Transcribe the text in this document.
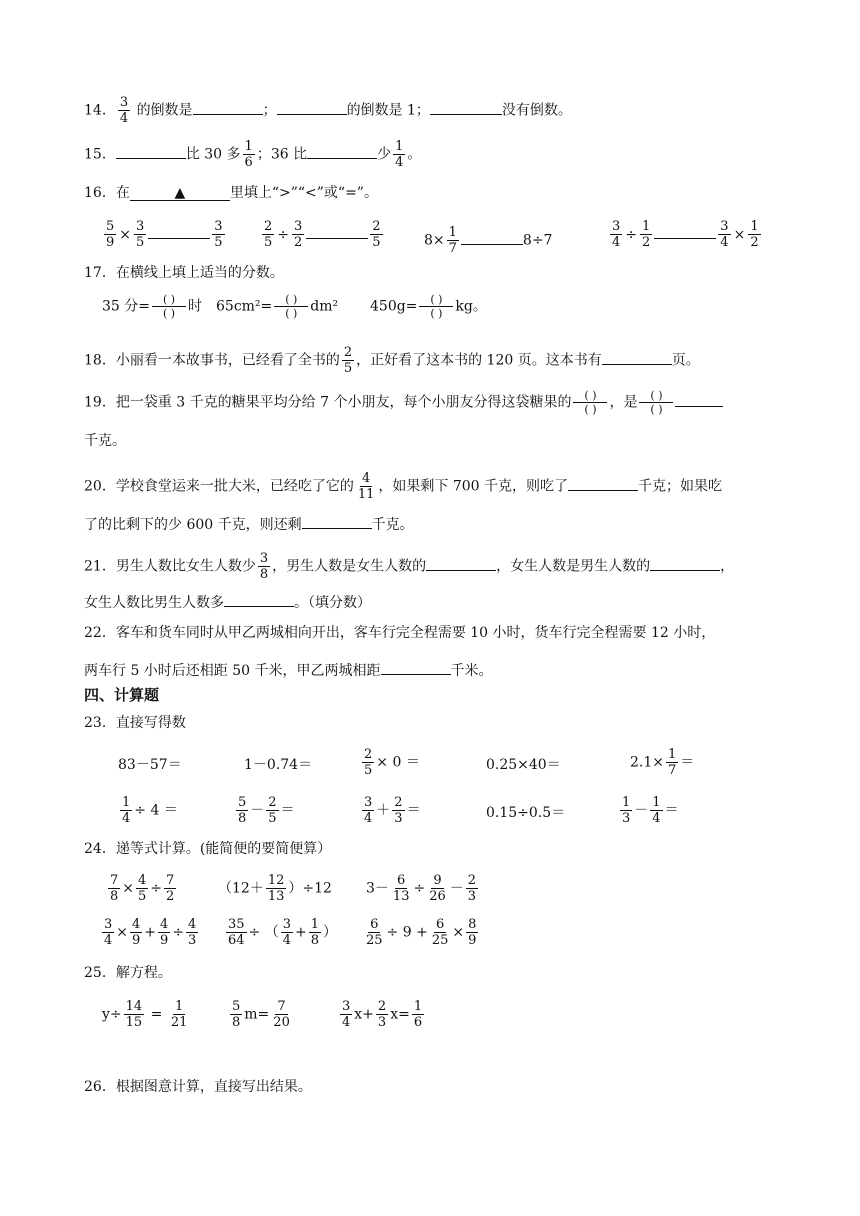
14． $\frac{3}{4}$ 的倒数是	；	的倒数是 1；	没有倒数。
15．	比 30 多 $\frac{1}{6}$ ；36 比	少 $\frac{1}{4}$ 。
16．在	▲	里填上“>”“<”或“=”。
$\frac{5}{9} \times \frac{3}{5}$	$\frac{3}{5}$	$\frac{2}{5} \div \frac{3}{2}$	$\frac{2}{5}$	$8\times \frac{1}{7}$	8÷7	$\frac{3}{4} \div \frac{1}{2}$	$\frac{3}{4} \times \frac{1}{2}$
17．在横线上填上适当的分数。
35 分= $\frac{( )}{( )}$ 时 $65cm^2= \frac{( )}{( )} dm^2$ $450g= \frac{( )}{( )}$ kg。
18．小丽看一本故事书，已经看了全书的 $\frac{2}{5}$ ，正好看了这本书的 120 页。这本书有	页。
19．把一袋重 3 千克的糖果平均分给 7 个小朋友，每个小朋友分得这袋糖果的 $\frac{( )}{( )}$ ，是 $\frac{( )}{( )}$
千克。
20．学校食堂运来一批大米，已经吃了它的 $\frac{4}{11}$ ，如果剩下 700 千克，则吃了	千克；如果吃
了的比剩下的少 600 千克，则还剩	千克。
21．男生人数比女生人数少 $\frac{3}{8}$ ，男生人数是女生人数的	，女生人数是男生人数的	，
女生人数比男生人数多	。（填分数）
22．客车和货车同时从甲乙两城相向开出，客车行完全程需要 10 小时，货车行完全程需要 12 小时，
两车行 5 小时后还相距 50 千米，甲乙两城相距	千米。
四、计算题
23．直接写得数
83－57＝	1－0.74＝	$\frac{2}{5} \times 0$ ＝	0.25×40＝	$2.1\times \frac{1}{7}$ ＝
$\frac{1}{4} \div 4$ ＝	$\frac{5}{8} - \frac{2}{5}$ ＝	$\frac{3}{4} + \frac{2}{3}$ ＝	0.15÷0.5＝	$\frac{1}{3} - \frac{1}{4}$ ＝
24．递等式计算。(能简便的要简便算）
$\frac{7}{8} \times \frac{4}{5} \div \frac{7}{2}$	$(12+ \frac{12}{13} )\div 12$ $3- \frac{6}{13} \div \frac{9}{26} - \frac{2}{3}$
$\frac{3}{4} \times \frac{4}{9} + \frac{4}{9} \div \frac{4}{3} \frac{35}{64}$ ÷ （ $\frac{3}{4} + \frac{1}{8}$ ） $\frac{6}{25} \div 9 + \frac{6}{25} \times \frac{8}{9}$
25．解方程。
$y\div \frac{14}{15} = \frac{1}{21}$	$\frac{5}{8} m= \frac{7}{20}$	$\frac{3}{4} x+ \frac{2}{3} x= \frac{1}{6}$
26．根据图意计算，直接写出结果。
